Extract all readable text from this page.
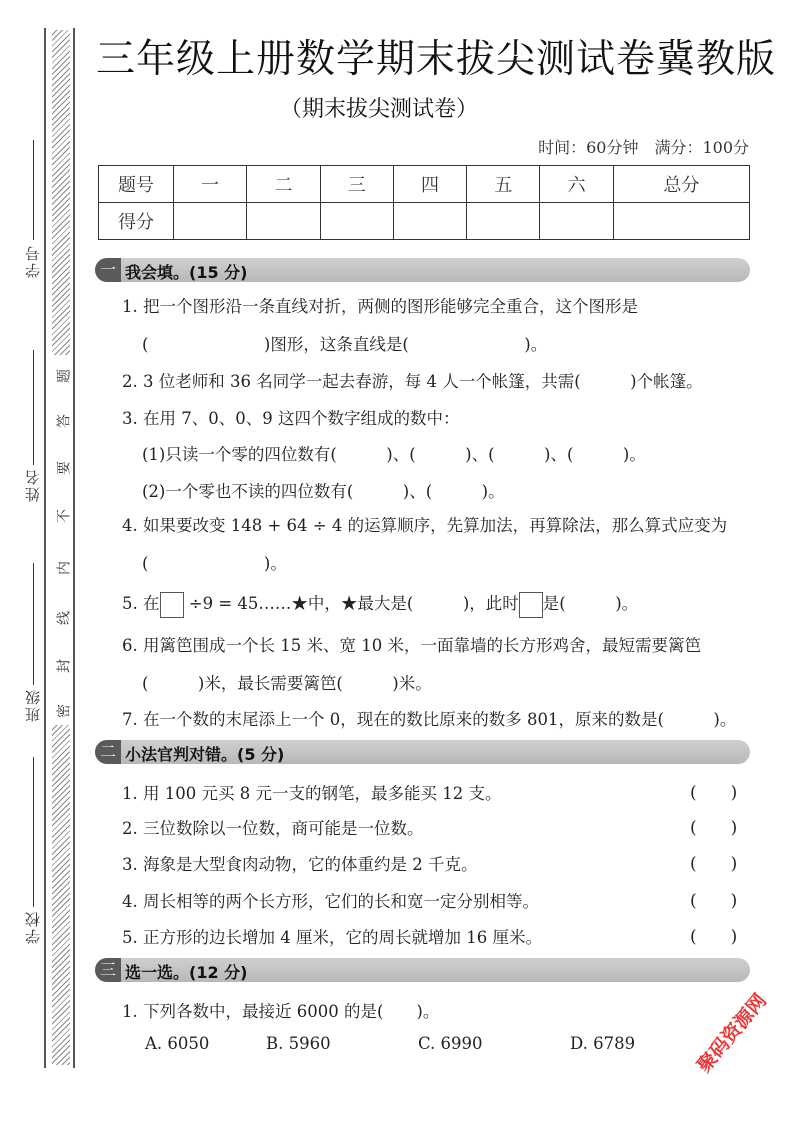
学号
姓名
班级
学校
题
答
要
不
内
线
封
密
三年级上册数学期末拔尖测试卷冀教版
（期末拔尖测试卷）
时间：60分钟　满分：100分
题号	一	二	三	四	五	六	总分
得分							
一 我会填。(15 分)
1. 把一个图形沿一条直线对折，两侧的图形能够完全重合，这个图形是
(　　　　　　　)图形，这条直线是(　　　　　　　)。
2. 3 位老师和 36 名同学一起去春游，每 4 人一个帐篷，共需(　　　)个帐篷。
3. 在用 7、0、0、9 这四个数字组成的数中：
(1)只读一个零的四位数有(　　　)、(　　　)、(　　　)、(　　　)。
(2)一个零也不读的四位数有(　　　)、(　　　)。
4. 如果要改变 148 + 64 ÷ 4 的运算顺序，先算加法，再算除法，那么算式应变为
(　　　　　　　)。
5. 在 ÷9 = 45……★中，★最大是(　　　)，此时 是(　　　)。
6. 用篱笆围成一个长 15 米、宽 10 米，一面靠墙的长方形鸡舍，最短需要篱笆
(　　　)米，最长需要篱笆(　　　)米。
7. 在一个数的末尾添上一个 0，现在的数比原来的数多 801，原来的数是(　　　)。
二 小法官判对错。(5 分)
1. 用 100 元买 8 元一支的钢笔，最多能买 12 支。	(　　)
2. 三位数除以一位数，商可能是一位数。	(　　)
3. 海象是大型食肉动物，它的体重约是 2 千克。	(　　)
4. 周长相等的两个长方形，它们的长和宽一定分别相等。	(　　)
5. 正方形的边长增加 4 厘米，它的周长就增加 16 厘米。	(　　)
三 选一选。(12 分)
1. 下列各数中，最接近 6000 的是(　　)。
A. 6050	B. 5960	C. 6990	D. 6789	聚码资源网
